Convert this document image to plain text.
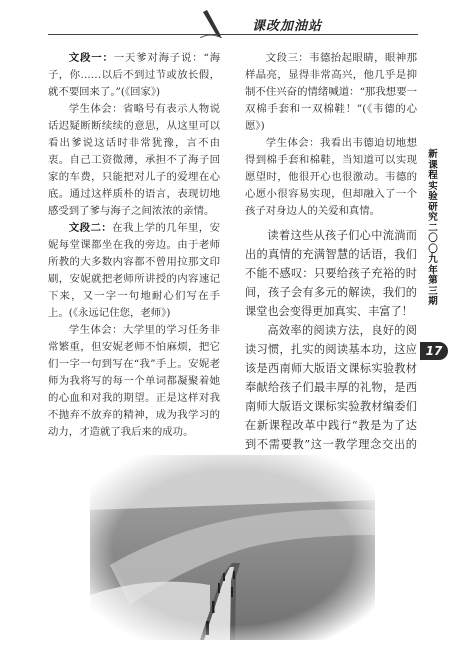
课改加油站

文段一：一天爹对海子说：“海子，你……以后不到过节或放长假，就不要回来了。”(《回家》)

学生体会：省略号有表示人物说话迟疑断断续续的意思，从这里可以看出爹说这话时非常犹豫，言不由衷。自己工资微薄，承担不了海子回家的车费，只能把对儿子的爱埋在心底。通过这样质朴的语言，表现切地感受到了爹与海子之间浓浓的亲情。

文段二：在我上学的几年里，安妮每堂课都坐在我的旁边。由于老师所教的大多数内容都不曾用拉那文印刷，安妮就把老师所讲授的内容速记下来，又一字一句地耐心们写在手上。(《永远记住您，老师》)

学生体会：大学里的学习任务非常繁重，但安妮老师不怕麻烦，把它们一字一句到写在“我”手上。安妮老师为我将写的每一个单词都凝聚着她的心血和对我的期望。正是这样对我不抛弃不放弃的精神，成为我学习的动力，才造就了我后来的成功。

文段三：韦德抬起眼睛，眼神那样晶亮，显得非常高兴，他几乎是抑制不住兴奋的情绪喊道：“那我想要一双棉手套和一双棉鞋！”(《韦德的心愿》)

学生体会：我看出韦德迫切地想得到棉手套和棉鞋，当知道可以实现愿望时，他很开心也很激动。韦德的心愿小很容易实现，但却融入了一个孩子对身边人的关爱和真情。

读着这些从孩子们心中流淌而出的真情的充满智慧的话语，我们不能不感叹：只要给孩子充裕的时间，孩子会有多元的解读，我们的课堂也会变得更加真实、丰富了！

高效率的阅读方法，良好的阅读习惯，扎实的阅读基本功，这应该是西南师大版语文课标实验教材奉献给孩子们最丰厚的礼物，是西南师大版语文课标实验教材编委们在新课程改革中践行“教是为了达到不需要教”这一教学理念交出的

新课程实验研究 二〇〇九年 第三期
17
